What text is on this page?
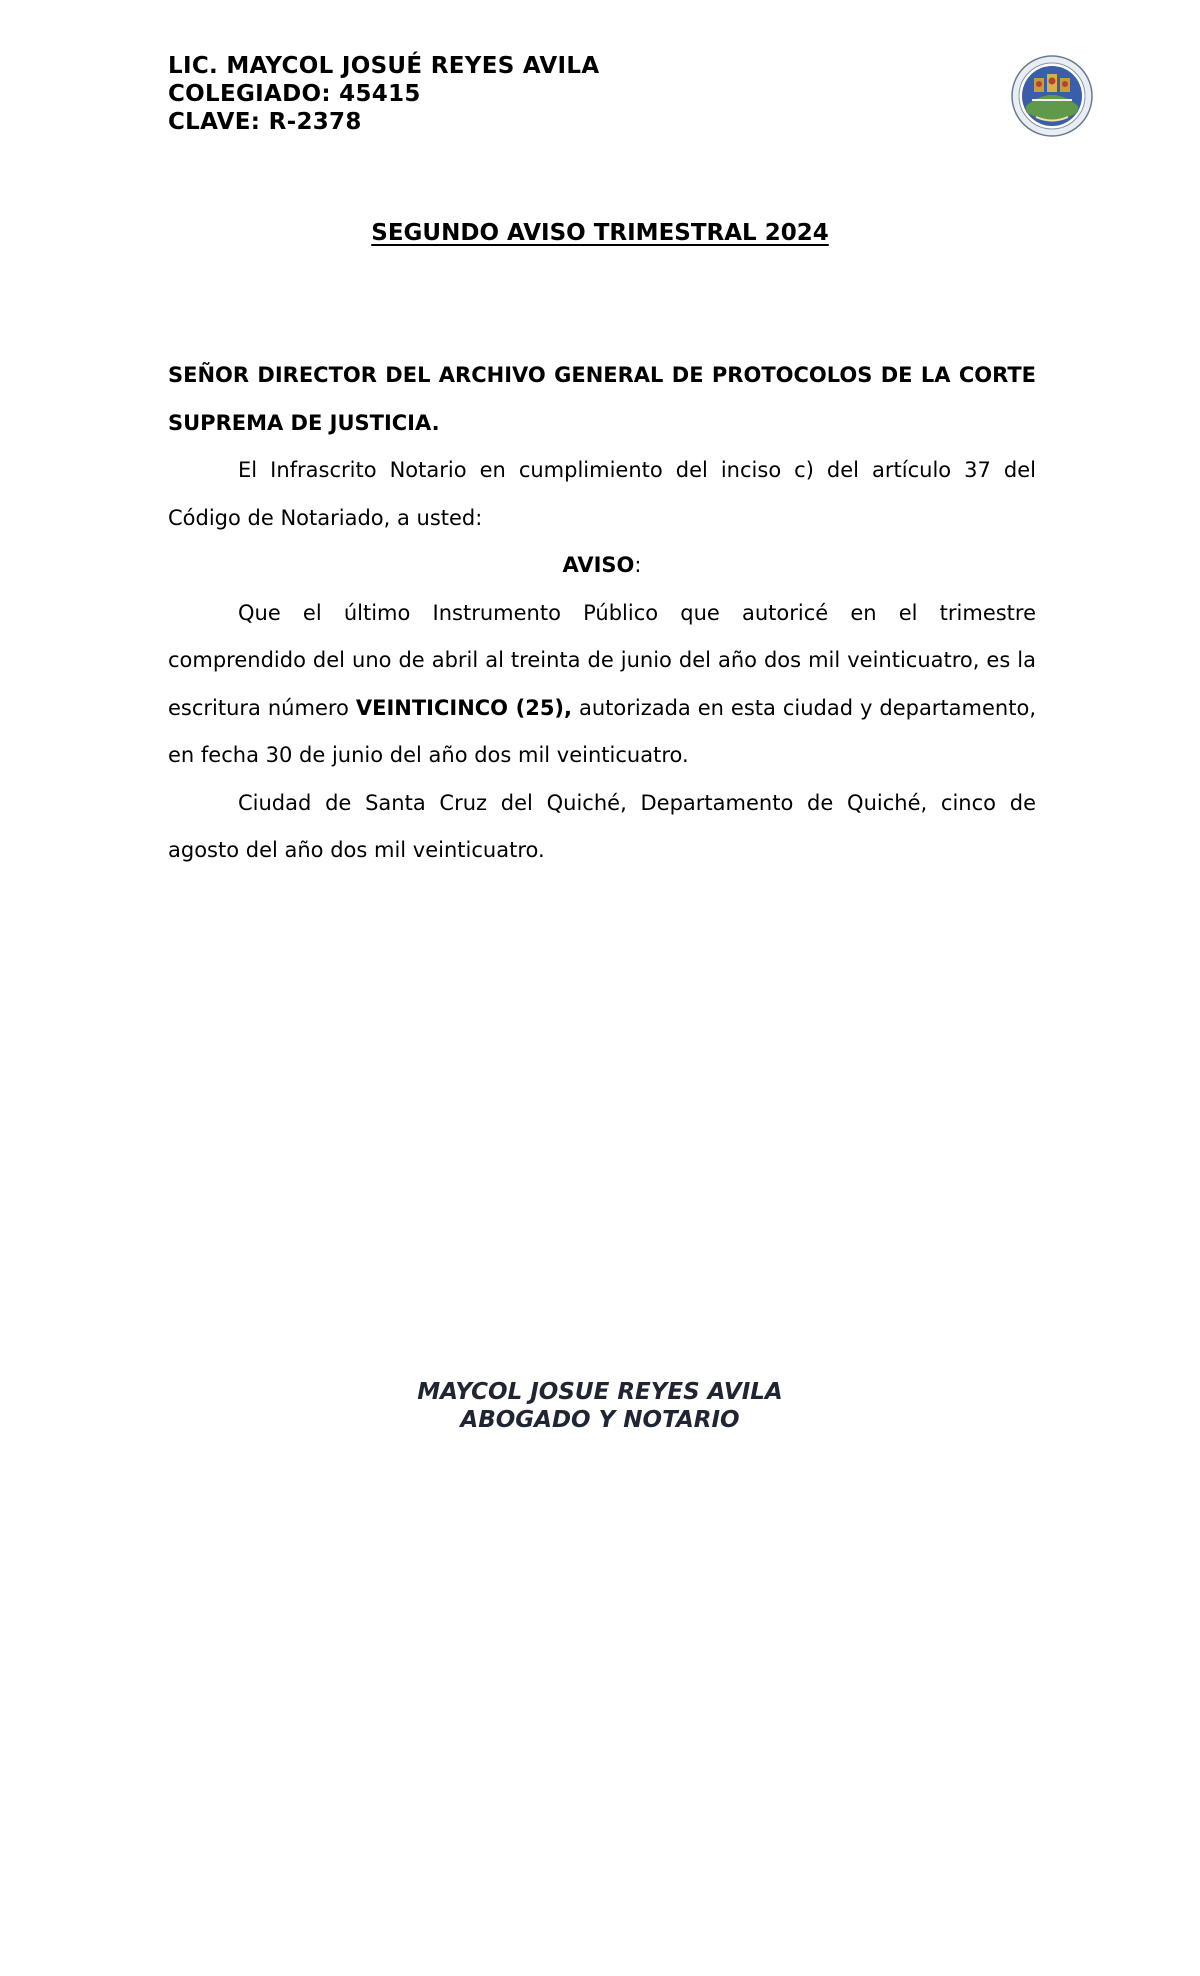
LIC. MAYCOL JOSUÉ REYES AVILA
COLEGIADO: 45415
CLAVE: R-2378
SEGUNDO AVISO TRIMESTRAL 2024

SEÑOR DIRECTOR DEL ARCHIVO GENERAL DE PROTOCOLOS DE LA CORTE SUPREMA DE JUSTICIA.

El Infrascrito Notario en cumplimiento del inciso c) del artículo 37 del Código de Notariado, a usted:

AVISO:

Que el último Instrumento Público que autoricé en el trimestre comprendido del uno de abril al treinta de junio del año dos mil veinticuatro, es la escritura número VEINTICINCO (25), autorizada en esta ciudad y departamento, en fecha 30 de junio del año dos mil veinticuatro.

Ciudad de Santa Cruz del Quiché, Departamento de Quiché, cinco de agosto del año dos mil veinticuatro.

MAYCOL JOSUE REYES AVILA
ABOGADO Y NOTARIO
